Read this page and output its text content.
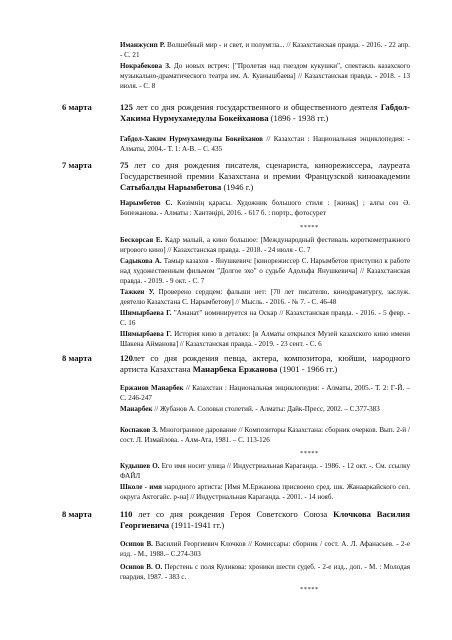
Иманжусип Р. Волшебный мир - и свет, и полумгла... // Казахстанская правда. - 2016. - 22 апр. - С. 21

Нокрабекова З. До новых встреч: ["Пролетая над гнездом кукушки", спектакль казахского музыкально-драматического театра им. А. Куанышбаева] // Казахстанская правда. - 2018. - 13 июля. - С. 8

6 марта	125 лет со дня рождения государственного и общественного деятеля Габдол-Хакима Нурмухамедулы Бокейханова (1896 - 1938 гг.)

Габдол-Хаким Нурмухамедулы Бокейханов // Казахстан : Национальная энциклопедия: - Алматы, 2004.- Т. 1: А-В. – С. 435

7 марта	75 лет со дня рождения писателя, сценариста, кинорежиссера, лауреата Государственной премии Казахстана и премии Французской киноакадемии Сатыбалды Нарымбетова (1946 г.)

Нарымбетов С. Көзімнің қарасы. Художник большого стиля : [жинақ] ; алғы сөз Ә. Бөпежанова. - Алматы : Хантәңірі, 2016. - 617 б. : портр., фотосурет

*****

Бескорсая Е. Кадр малый, а кино большое: [Международный фестиваль короткометражного игрового кино] // Казахстанская правда. - 2018. - 24 июля - С. 7

Садыкова А. Тамыр казахов - Янушкевич: [кинорежиссер С. Нарымбетов приступил к работе над художественным фильмом "Долгое эхо" о судьбе Адольфа Янушкевича] // Казахстанская правда. - 2019. - 9 окт. - С. 7

Тажкен У. Проверено сердцем: фальши нет: [70 лет писателю, кинодраматургу, заслуж. деятелю Казахстана С. Нарымбетову] // Мысль. - 2016. - № 7. - С. 46-48

Шимырбаева Г. "Аманат" номинируется на Оскар // Казахстанская правда. - 2016. - 5 февр. - С. 16

Шимырбаева Г. История кино в деталях: [в Алматы открылся Музей казахского кино имени Шакена Айманова] // Казахстанская правда. - 2019. - 23 сент. - С. 6

8 марта	120лет со дня рождения певца, актера, композитора, кюйши, народного артиста Казахстана Манарбека Ержанова (1901 - 1966 гг.)

Ержанов Манарбек // Казахстан : Национальная энциклопедия: - Алматы, 2005.- Т. 2: Г-Й. – С. 246-247

Манарбек // Жубанов А. Соловьи столетий. - Алматы: Дайк-Пресс, 2002. – С.377-383

Коспаков З. Многогранное дарование // Композиторы Казахстана: сборник очерков. Вып. 2-й / сост. Л. Измайлова. - Алм-Ата, 1981. – С. 113-126

*****

Кудышев О. Его имя носит улица // Индустриальная Караганда. - 1986. - 12 окт. -. См. ссылку ФАЙЛ

Школе - имя народного артиста: [Имя М.Ержанова присвоено сред. шк. Жанааркайского сел. округа Актогайс. р-на] // Индустриальная Караганда. - 2001. - 14 нояб.

8 марта	110 лет со дня рождения Героя Советского Союза Клочкова Василия Георгиевича (1911-1941 гг.)

Осипов В. Василий Георгиевич Клочков // Комиссары: сборник / сост. А. Л. Афанасьев. - 2-е изд. - М., 1988.– С.274-303

Осипов В. О. Перстень с поля Куликова: хроники шести судеб. - 2-е изд., доп. - М. : Молодая гвардия, 1987. - 383 с.

*****
